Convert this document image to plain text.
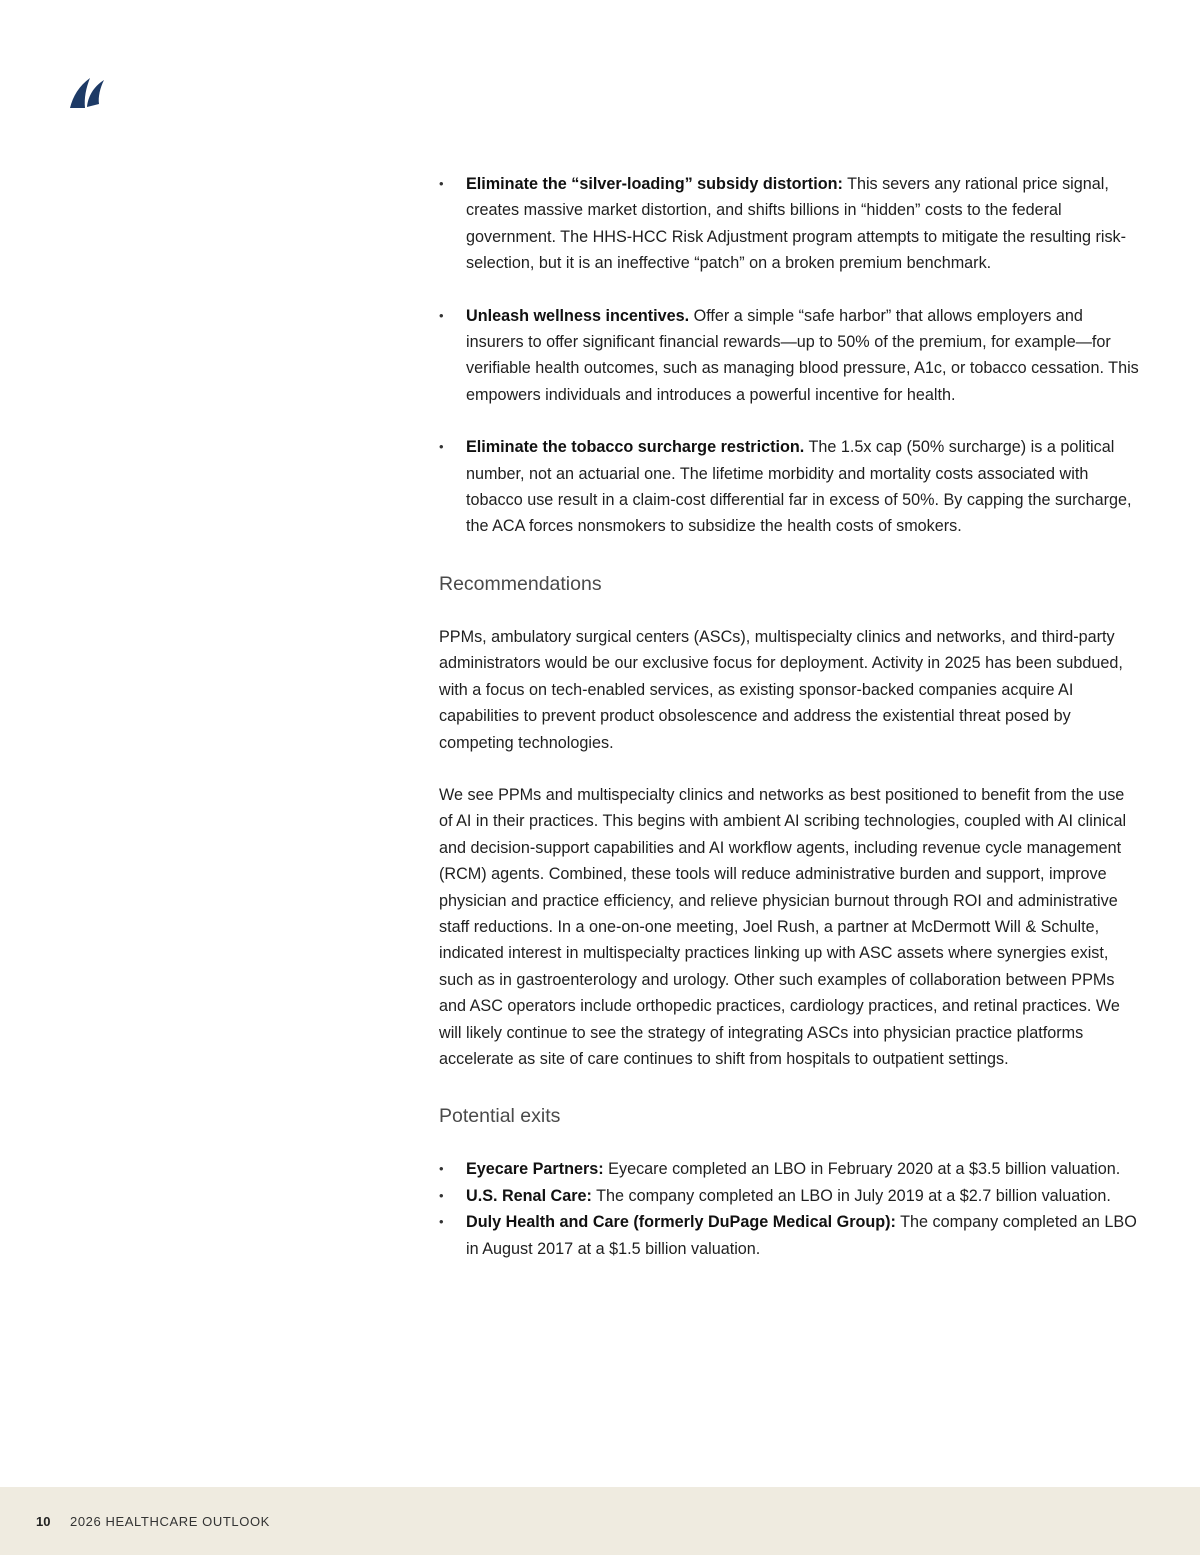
• Eliminate the “silver-loading” subsidy distortion: This severs any rational price signal, creates massive market distortion, and shifts billions in “hidden” costs to the federal government. The HHS-HCC Risk Adjustment program attempts to mitigate the resulting risk-selection, but it is an ineffective “patch” on a broken premium benchmark.
• Unleash wellness incentives. Offer a simple “safe harbor” that allows employers and insurers to offer significant financial rewards—up to 50% of the premium, for example—for verifiable health outcomes, such as managing blood pressure, A1c, or tobacco cessation. This empowers individuals and introduces a powerful incentive for health.
• Eliminate the tobacco surcharge restriction. The 1.5x cap (50% surcharge) is a political number, not an actuarial one. The lifetime morbidity and mortality costs associated with tobacco use result in a claim-cost differential far in excess of 50%. By capping the surcharge, the ACA forces nonsmokers to subsidize the health costs of smokers.
Recommendations

PPMs, ambulatory surgical centers (ASCs), multispecialty clinics and networks, and third-party administrators would be our exclusive focus for deployment. Activity in 2025 has been subdued, with a focus on tech-enabled services, as existing sponsor-backed companies acquire AI capabilities to prevent product obsolescence and address the existential threat posed by competing technologies.

We see PPMs and multispecialty clinics and networks as best positioned to benefit from the use of AI in their practices. This begins with ambient AI scribing technologies, coupled with AI clinical and decision-support capabilities and AI workflow agents, including revenue cycle management (RCM) agents. Combined, these tools will reduce administrative burden and support, improve physician and practice efficiency, and relieve physician burnout through ROI and administrative staff reductions. In a one-on-one meeting, Joel Rush, a partner at McDermott Will & Schulte, indicated interest in multispecialty practices linking up with ASC assets where synergies exist, such as in gastroenterology and urology. Other such examples of collaboration between PPMs and ASC operators include orthopedic practices, cardiology practices, and retinal practices. We will likely continue to see the strategy of integrating ASCs into physician practice platforms accelerate as site of care continues to shift from hospitals to outpatient settings.

Potential exits
• Eyecare Partners: Eyecare completed an LBO in February 2020 at a $3.5 billion valuation.
• U.S. Renal Care: The company completed an LBO in July 2019 at a $2.7 billion valuation.
• Duly Health and Care (formerly DuPage Medical Group): The company completed an LBO in August 2017 at a $1.5 billion valuation.
10 2026 HEALTHCARE OUTLOOK
